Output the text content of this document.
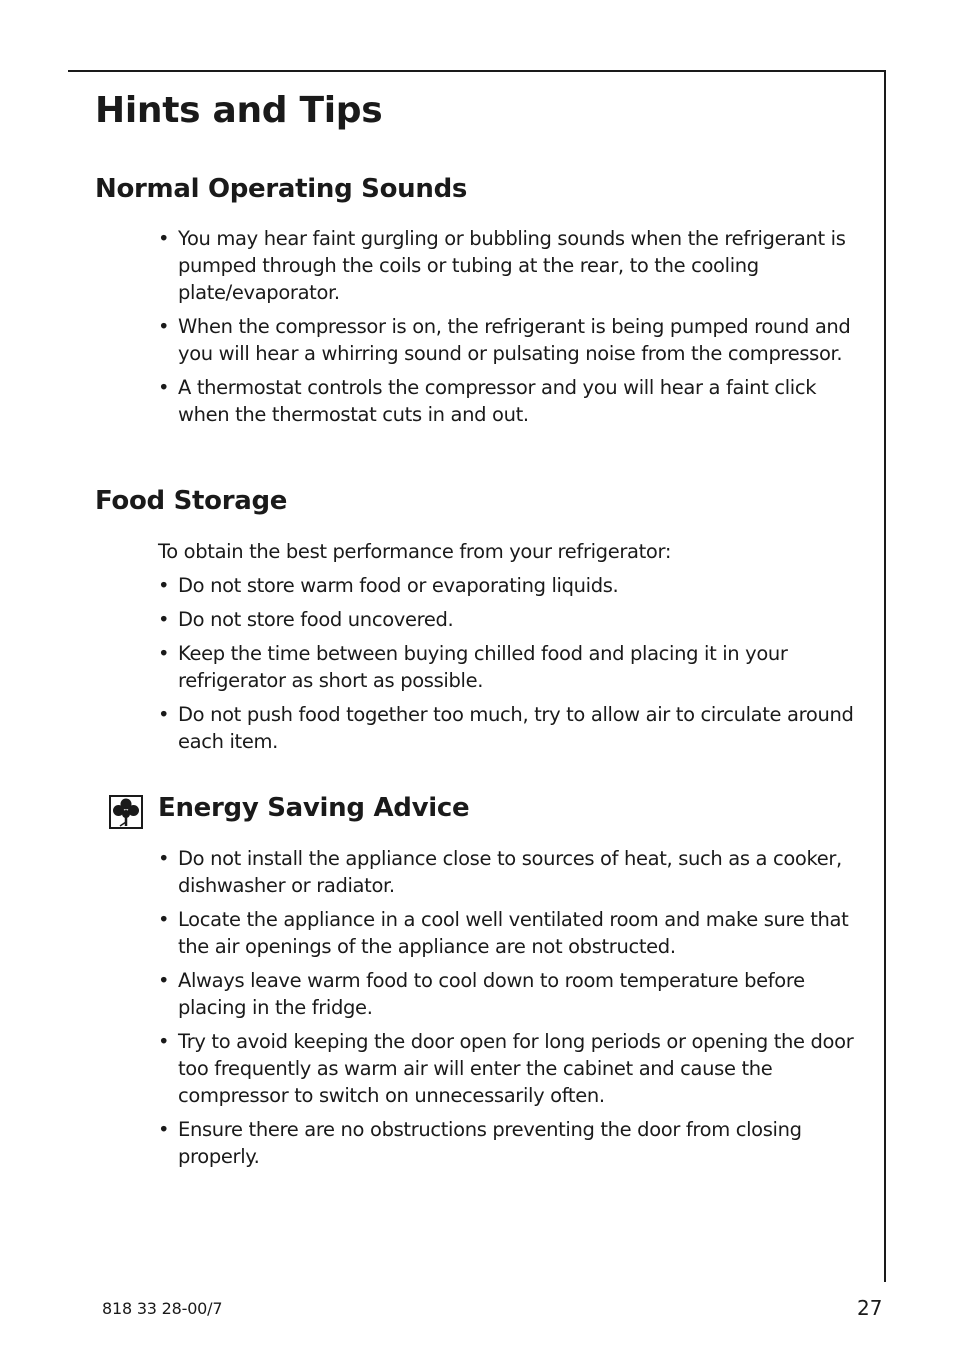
Hints and Tips
Normal Operating Sounds
• You may hear faint gurgling or bubbling sounds when the refrigerant is pumped through the coils or tubing at the rear, to the cooling plate/evaporator.
• When the compressor is on, the refrigerant is being pumped round and you will hear a whirring sound or pulsating noise from the compressor.
• A thermostat controls the compressor and you will hear a faint click when the thermostat cuts in and out.
Food Storage

To obtain the best performance from your refrigerator:

• Do not store warm food or evaporating liquids.
• Do not store food uncovered.
• Keep the time between buying chilled food and placing it in your refrigerator as short as possible.
• Do not push food together too much, try to allow air to circulate around each item.
Energy Saving Advice
• Do not install the appliance close to sources of heat, such as a cooker, dishwasher or radiator.
• Locate the appliance in a cool well ventilated room and make sure that the air openings of the appliance are not obstructed.
• Always leave warm food to cool down to room temperature before placing in the fridge.
• Try to avoid keeping the door open for long periods or opening the door too frequently as warm air will enter the cabinet and cause the compressor to switch on unnecessarily often.
• Ensure there are no obstructions preventing the door from closing properly.
818 33 28-00/7	27
